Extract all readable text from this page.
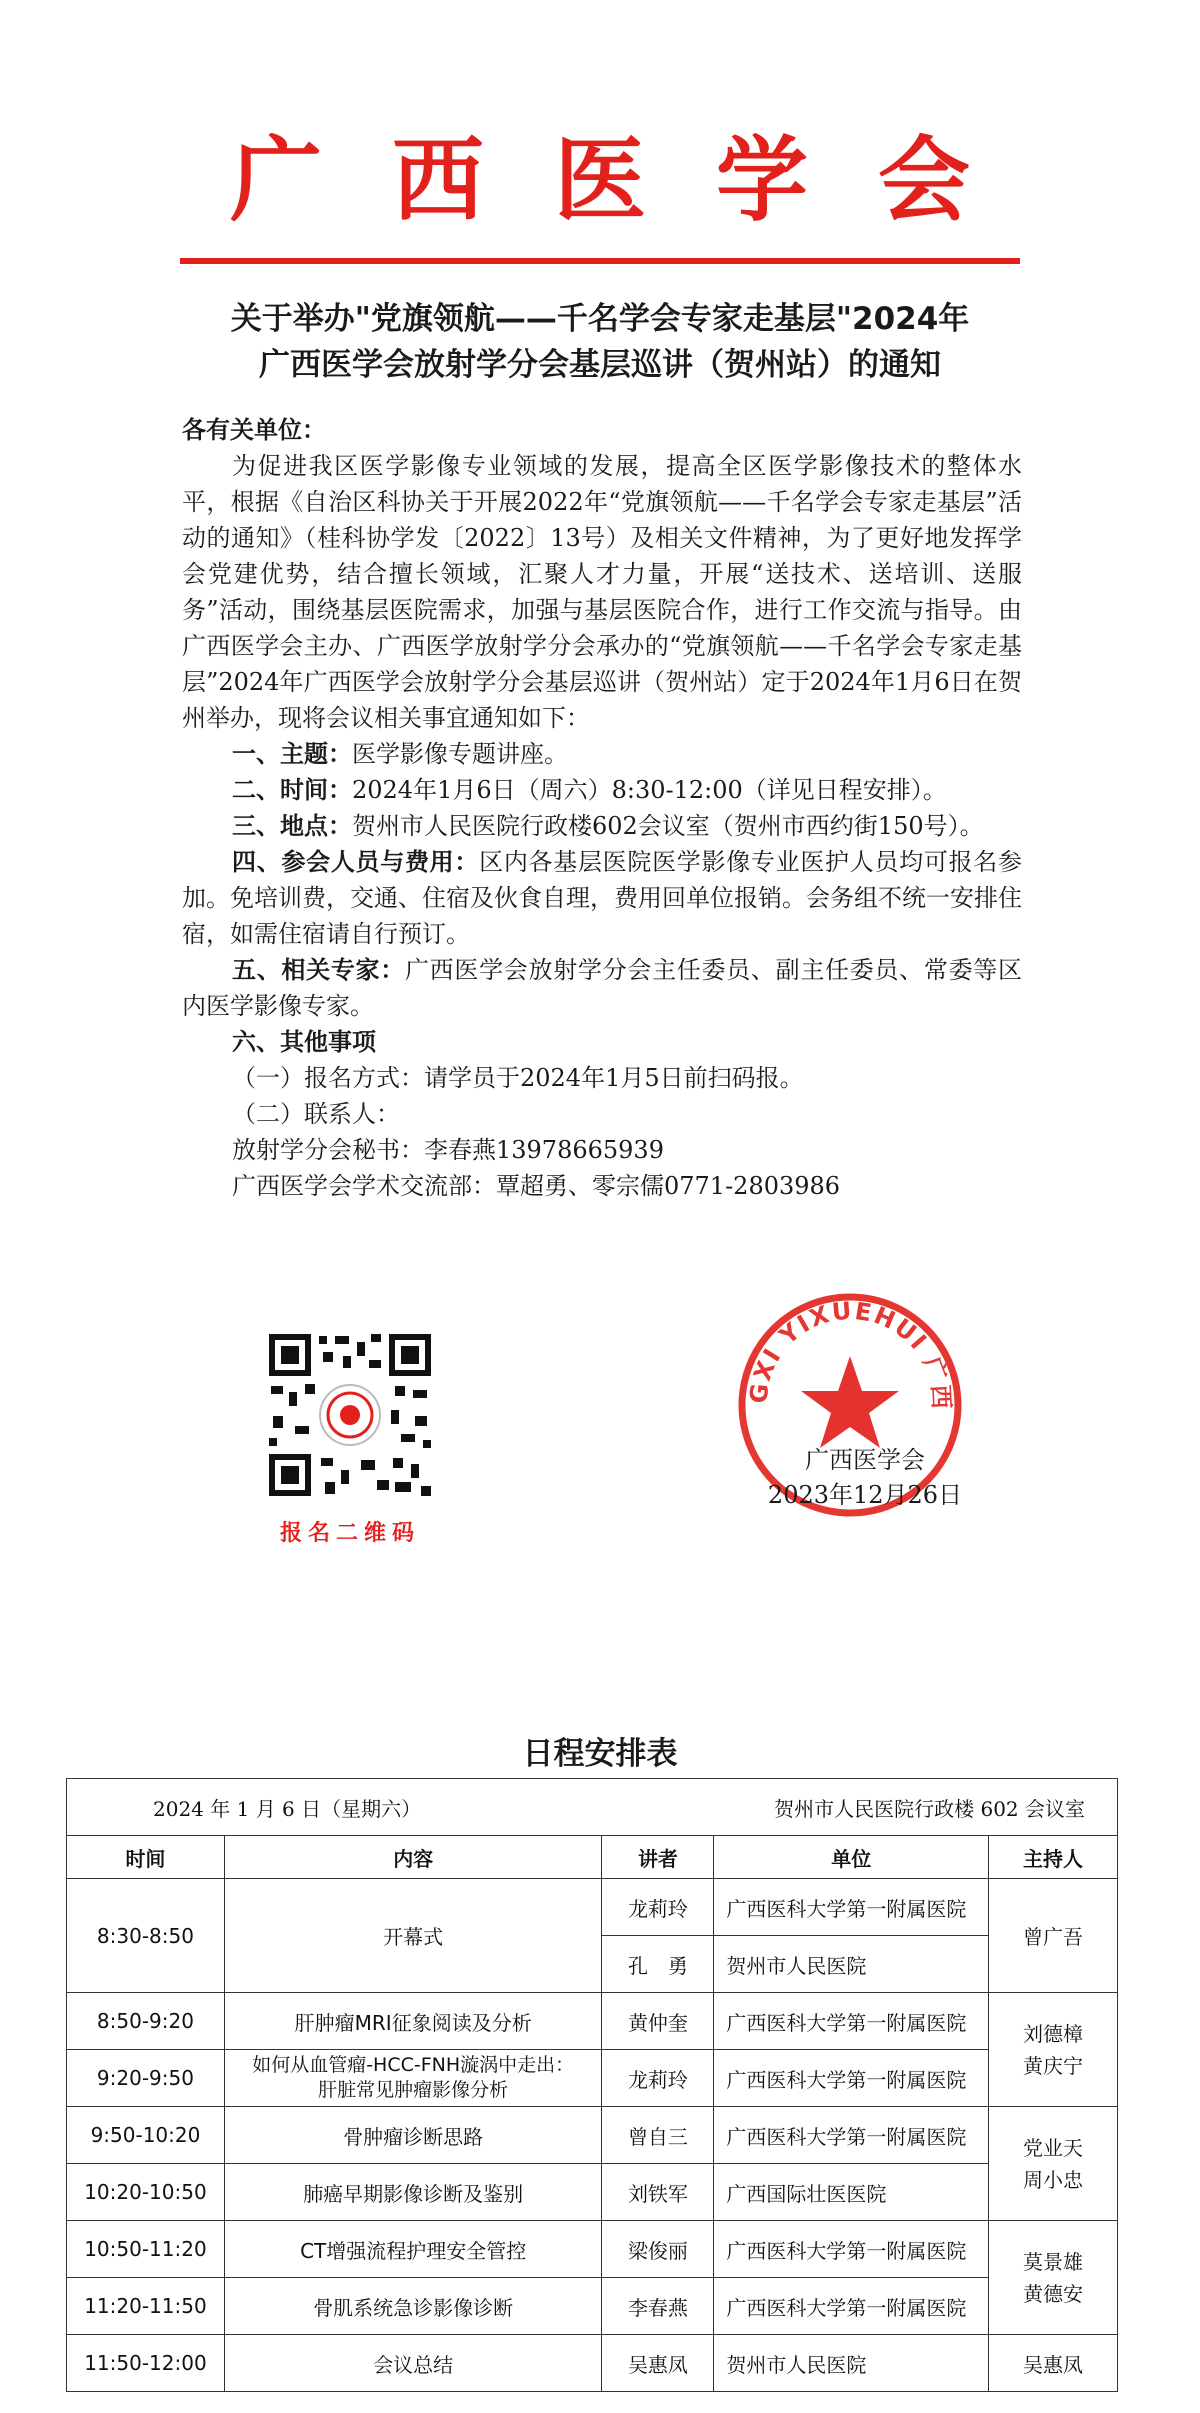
广西医学会
关于举办"党旗领航——千名学会专家走基层"2024年
广西医学会放射学分会基层巡讲（贺州站）的通知

各有关单位：

为促进我区医学影像专业领域的发展，提高全区医学影像技术的整体水平，根据《自治区科协关于开展2022年“党旗领航——千名学会专家走基层”活动的通知》（桂科协学发〔2022〕13号）及相关文件精神，为了更好地发挥学会党建优势，结合擅长领域，汇聚人才力量，开展“送技术、送培训、送服务”活动，围绕基层医院需求，加强与基层医院合作，进行工作交流与指导。由广西医学会主办、广西医学放射学分会承办的“党旗领航——千名学会专家走基层”2024年广西医学会放射学分会基层巡讲（贺州站）定于2024年1月6日在贺州举办，现将会议相关事宜通知如下：

一、主题：医学影像专题讲座。

二、时间：2024年1月6日（周六）8:30-12:00（详见日程安排）。

三、地点：贺州市人民医院行政楼602会议室（贺州市西约街150号）。

四、参会人员与费用：区内各基层医院医学影像专业医护人员均可报名参加。免培训费，交通、住宿及伙食自理，费用回单位报销。会务组不统一安排住宿，如需住宿请自行预订。

五、相关专家：广西医学会放射学分会主任委员、副主任委员、常委等区内医学影像专家。

六、其他事项

（一）报名方式：请学员于2024年1月5日前扫码报。

（二）联系人：

放射学分会秘书：李春燕13978665939

广西医学会学术交流部：覃超勇、零宗儒0771-2803986

报名二维码
GXI YIXUEHUI 广西
广西医学会
2023年12月26日
日程安排表
2024 年 1 月 6 日（星期六） 贺州市人民医院行政楼 602 会议室				

时间	内容	讲者	单位	主持人
8:30-8:50	开幕式	龙莉玲	广西医科大学第一附属医院	曾广吾
		孔　勇	贺州市人民医院	
8:50-9:20	肝肿瘤MRI征象阅读及分析	黄仲奎	广西医科大学第一附属医院	刘德樟
黄庆宁

9:20-9:50	如何从血管瘤-HCC-FNH漩涡中走出：
肝脏常见肿瘤影像分析	龙莉玲	广西医科大学第一附属医院	
9:50-10:20	骨肿瘤诊断思路	曾自三	广西医科大学第一附属医院	党业天
周小忠

10:20-10:50	肺癌早期影像诊断及鉴别	刘铁军	广西国际壮医医院	
10:50-11:20	CT增强流程护理安全管控	梁俊丽	广西医科大学第一附属医院	莫景雄
黄德安

11:20-11:50	骨肌系统急诊影像诊断	李春燕	广西医科大学第一附属医院	
11:50-12:00	会议总结	吴惠凤	贺州市人民医院	吴惠凤
